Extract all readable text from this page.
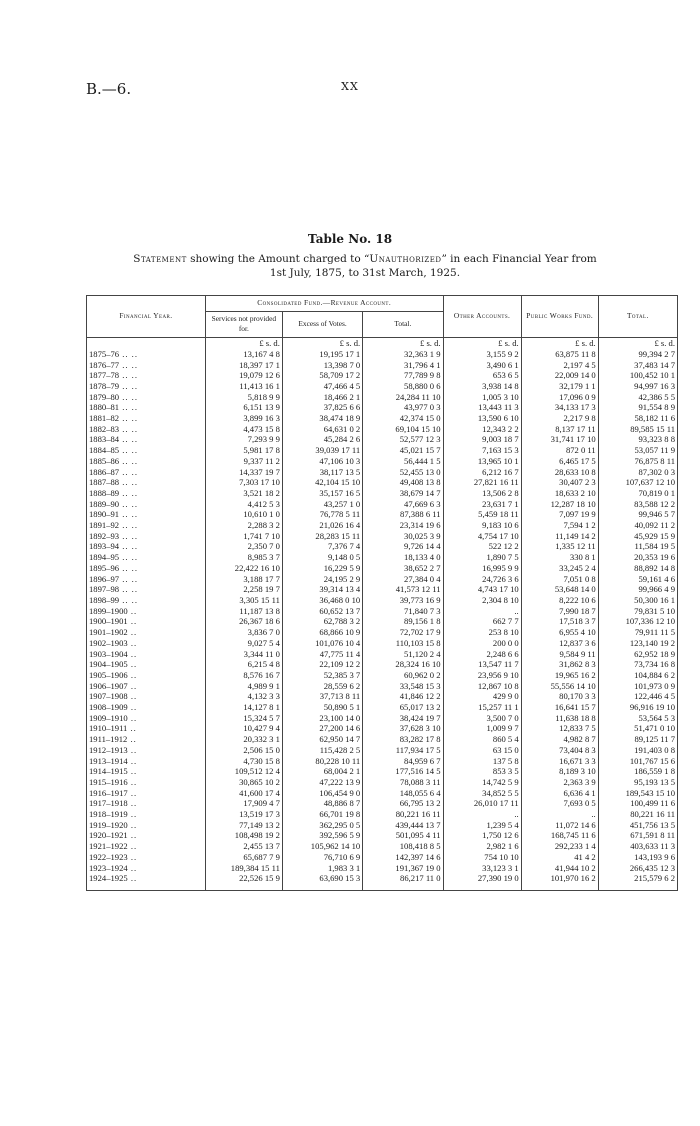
B.—6.	XX
Table No. 18
Statement showing the Amount charged to “Unauthorized” in each Financial Year from
1st July, 1875, to 31st March, 1925.
Financial Year.	Consolidated Fund.—Revenue Account.			Other Accounts.	Public Works Fund.	Total.
	Services not provided for.	Excess of Votes.	Total.			
	£ s. d.	£ s. d.	£ s. d.	£ s. d.	£ s. d.	£ s. d.
1875–76 .. ..	13,167 4 8	19,195 17 1	32,363 1 9	3,155 9 2	63,875 11 8	99,394 2 7
1876–77 .. ..	18,397 17 1	13,398 7 0	31,796 4 1	3,490 6 1	2,197 4 5	37,483 14 7
1877–78 .. ..	19,079 12 6	58,709 17 2	77,789 9 8	653 6 5	22,009 14 0	100,452 10 1
1878–79 .. ..	11,413 16 1	47,466 4 5	58,880 0 6	3,938 14 8	32,179 1 1	94,997 16 3
1879–80 .. ..	5,818 9 9	18,466 2 1	24,284 11 10	1,005 3 10	17,096 0 9	42,386 5 5
1880–81 .. ..	6,151 13 9	37,825 6 6	43,977 0 3	13,443 11 3	34,133 17 3	91,554 8 9
1881–82 .. ..	3,899 16 3	38,474 18 9	42,374 15 0	13,590 6 10	2,217 9 8	58,182 11 6
1882–83 .. ..	4,473 15 8	64,631 0 2	69,104 15 10	12,343 2 2	8,137 17 11	89,585 15 11
1883–84 .. ..	7,293 9 9	45,284 2 6	52,577 12 3	9,003 18 7	31,741 17 10	93,323 8 8
1884–85 .. ..	5,981 17 8	39,039 17 11	45,021 15 7	7,163 15 3	872 0 11	53,057 11 9
1885–86 .. ..	9,337 11 2	47,106 10 3	56,444 1 5	13,965 10 1	6,465 17 5	76,875 8 11
1886–87 .. ..	14,337 19 7	38,117 13 5	52,455 13 0	6,212 16 7	28,633 10 8	87,302 0 3
1887–88 .. ..	7,303 17 10	42,104 15 10	49,408 13 8	27,821 16 11	30,407 2 3	107,637 12 10
1888–89 .. ..	3,521 18 2	35,157 16 5	38,679 14 7	13,506 2 8	18,633 2 10	70,819 0 1
1889–90 .. ..	4,412 5 3	43,257 1 0	47,669 6 3	23,631 7 1	12,287 18 10	83,588 12 2
1890–91 .. ..	10,610 1 0	76,778 5 11	87,388 6 11	5,459 18 11	7,097 19 9	99,946 5 7
1891–92 .. ..	2,288 3 2	21,026 16 4	23,314 19 6	9,183 10 6	7,594 1 2	40,092 11 2
1892–93 .. ..	1,741 7 10	28,283 15 11	30,025 3 9	4,754 17 10	11,149 14 2	45,929 15 9
1893–94 .. ..	2,350 7 0	7,376 7 4	9,726 14 4	522 12 2	1,335 12 11	11,584 19 5
1894–95 .. ..	8,985 3 7	9,148 0 5	18,133 4 0	1,890 7 5	330 8 1	20,353 19 6
1895–96 .. ..	22,422 16 10	16,229 5 9	38,652 2 7	16,995 9 9	33,245 2 4	88,892 14 8
1896–97 .. ..	3,188 17 7	24,195 2 9	27,384 0 4	24,726 3 6	7,051 0 8	59,161 4 6
1897–98 .. ..	2,258 19 7	39,314 13 4	41,573 12 11	4,743 17 10	53,648 14 0	99,966 4 9
1898–99 .. ..	3,305 15 11	36,468 0 10	39,773 16 9	2,304 8 10	8,222 10 6	50,300 16 1
1899–1900 ..	11,187 13 8	60,652 13 7	71,840 7 3	..	7,990 18 7	79,831 5 10
1900–1901 ..	26,367 18 6	62,788 3 2	89,156 1 8	662 7 7	17,518 3 7	107,336 12 10
1901–1902 ..	3,836 7 0	68,866 10 9	72,702 17 9	253 8 10	6,955 4 10	79,911 11 5
1902–1903 ..	9,027 5 4	101,076 10 4	110,103 15 8	200 0 0	12,837 3 6	123,140 19 2
1903–1904 ..	3,344 11 0	47,775 11 4	51,120 2 4	2,248 6 6	9,584 9 11	62,952 18 9
1904–1905 ..	6,215 4 8	22,109 12 2	28,324 16 10	13,547 11 7	31,862 8 3	73,734 16 8
1905–1906 ..	8,576 16 7	52,385 3 7	60,962 0 2	23,956 9 10	19,965 16 2	104,884 6 2
1906–1907 ..	4,989 9 1	28,559 6 2	33,548 15 3	12,867 10 8	55,556 14 10	101,973 0 9
1907–1908 ..	4,132 3 3	37,713 8 11	41,846 12 2	429 9 0	80,170 3 3	122,446 4 5
1908–1909 ..	14,127 8 1	50,890 5 1	65,017 13 2	15,257 11 1	16,641 15 7	96,916 19 10
1909–1910 ..	15,324 5 7	23,100 14 0	38,424 19 7	3,500 7 0	11,638 18 8	53,564 5 3
1910–1911 ..	10,427 9 4	27,200 14 6	37,628 3 10	1,009 9 7	12,833 7 5	51,471 0 10
1911–1912 ..	20,332 3 1	62,950 14 7	83,282 17 8	860 5 4	4,982 8 7	89,125 11 7
1912–1913 ..	2,506 15 0	115,428 2 5	117,934 17 5	63 15 0	73,404 8 3	191,403 0 8
1913–1914 ..	4,730 15 8	80,228 10 11	84,959 6 7	137 5 8	16,671 3 3	101,767 15 6
1914–1915 ..	109,512 12 4	68,004 2 1	177,516 14 5	853 3 5	8,189 3 10	186,559 1 8
1915–1916 ..	30,865 10 2	47,222 13 9	78,088 3 11	14,742 5 9	2,363 3 9	95,193 13 5
1916–1917 ..	41,600 17 4	106,454 9 0	148,055 6 4	34,852 5 5	6,636 4 1	189,543 15 10
1917–1918 ..	17,909 4 7	48,886 8 7	66,795 13 2	26,010 17 11	7,693 0 5	100,499 11 6
1918–1919 ..	13,519 17 3	66,701 19 8	80,221 16 11	..	..	80,221 16 11
1919–1920 ..	77,149 13 2	362,295 0 5	439,444 13 7	1,239 5 4	11,072 14 6	451,756 13 5
1920–1921 ..	108,498 19 2	392,596 5 9	501,095 4 11	1,750 12 6	168,745 11 6	671,591 8 11
1921–1922 ..	2,455 13 7	105,962 14 10	108,418 8 5	2,982 1 6	292,233 1 4	403,633 11 3
1922–1923 ..	65,687 7 9	76,710 6 9	142,397 14 6	754 10 10	41 4 2	143,193 9 6
1923–1924 ..	189,384 15 11	1,983 3 1	191,367 19 0	33,123 3 1	41,944 10 2	266,435 12 3
1924–1925 ..	22,526 15 9	63,690 15 3	86,217 11 0	27,390 19 0	101,970 16 2	215,579 6 2
